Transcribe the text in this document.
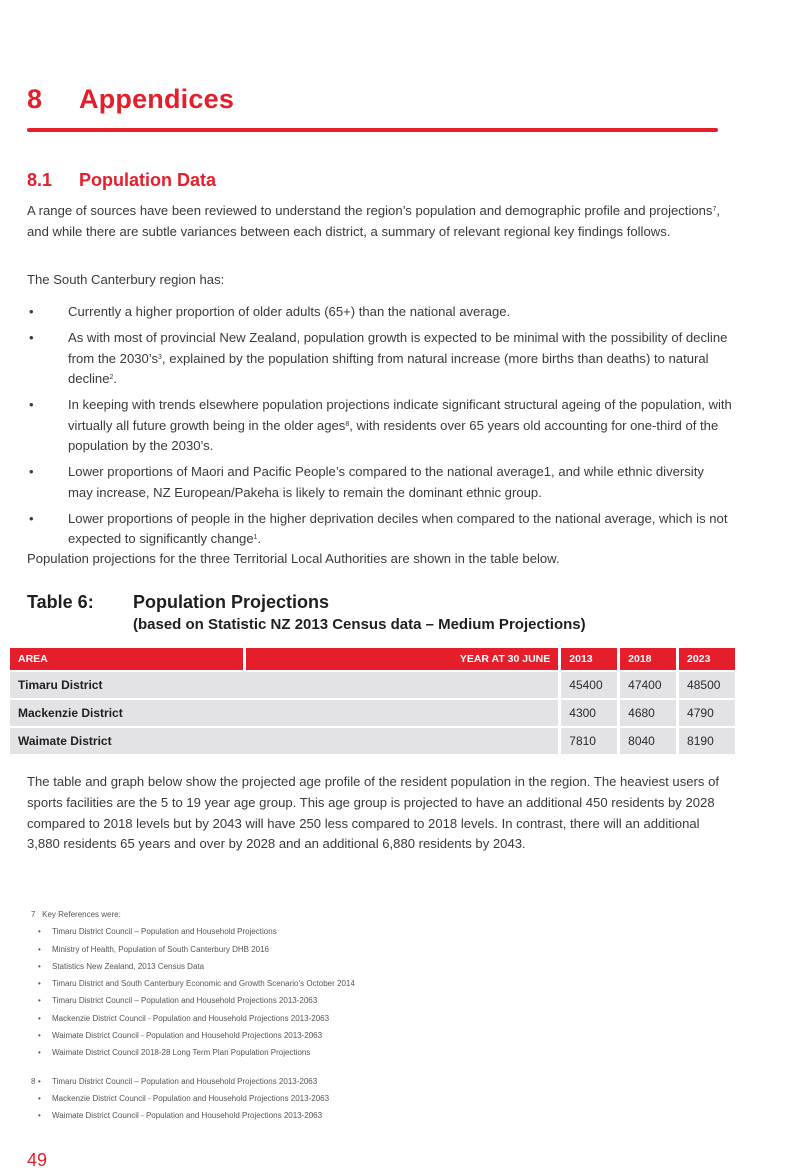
8 Appendices
8.1 Population Data
A range of sources have been reviewed to understand the region’s population and demographic profile and projections$^7$, and while there are subtle variances between each district, a summary of relevant regional key findings follows.
The South Canterbury region has:
•	Currently a higher proportion of older adults (65+) than the national average.
•	As with most of provincial New Zealand, population growth is expected to be minimal with the possibility of decline from the $2030’s^3$, explained by the population shifting from natural increase (more births than deaths) to natural decline$^2$.
•	In keeping with trends elsewhere population projections indicate significant structural ageing of the population, with virtually all future growth being in the older ages$^8$, with residents over 65 years old accounting for one-third of the population by the 2030’s.
•	Lower proportions of Maori and Pacific People’s compared to the national average1, and while ethnic diversity may increase, NZ European/Pakeha is likely to remain the dominant ethnic group.
•	Lower proportions of people in the higher deprivation deciles when compared to the national average, which is not expected to significantly change$^1$.
Population projections for the three Territorial Local Authorities are shown in the table below.
Table 6: Population Projections
(based on Statistic NZ 2013 Census data – Medium Projections)
AREA	YEAR AT 30 JUNE	2013	2018	2023
Timaru District		45400	47400	48500
Mackenzie District		4300	4680	4790
Waimate District		7810	8040	8190
The table and graph below show the projected age profile of the resident population in the region. The heaviest users of sports facilities are the 5 to 19 year age group. This age group is projected to have an additional 450 residents by 2028 compared to 2018 levels but by 2043 will have 250 less compared to 2018 levels. In contrast, there will an additional 3,880 residents 65 years and over by 2028 and an additional 6,880 residents by 2043.
7 Key References were:
• Timaru District Council – Population and Household Projections
• Ministry of Health, Population of South Canterbury DHB 2016
• Statistics New Zealand, 2013 Census Data
• Timaru District and South Canterbury Economic and Growth Scenario’s October 2014
• Timaru District Council – Population and Household Projections 2013-2063
• Mackenzie District Council - Population and Household Projections 2013-2063
• Waimate District Council - Population and Household Projections 2013-2063
• Waimate District Council 2018-28 Long Term Plan Population Projections
8 • Timaru District Council – Population and Household Projections 2013-2063
• Mackenzie District Council - Population and Household Projections 2013-2063
• Waimate District Council - Population and Household Projections 2013-2063
49
